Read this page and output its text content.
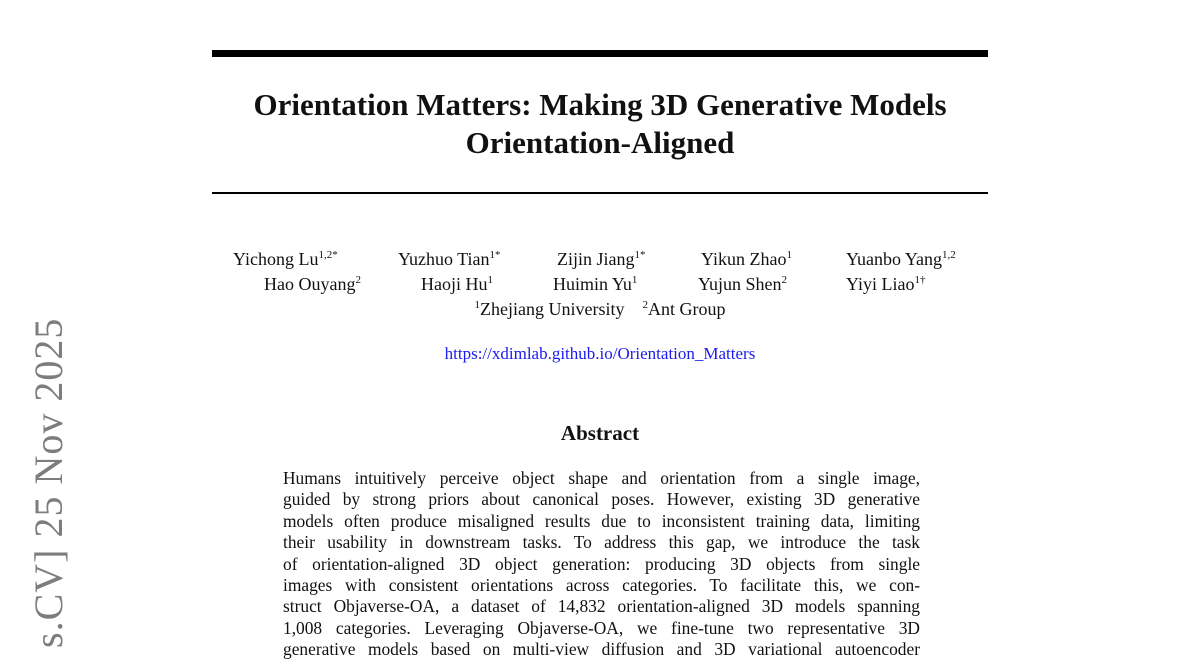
Orientation Matters: Making 3D Generative Models
Orientation-Aligned
Yichong $Lu^{1,2*}$	Yuzhuo Tian$^{1*}$	Zijin Jiang$^{1*}$	Yikun Zhao$^1$	Yuanbo Yang$^{1,2}$
Hao Ouyang$^2$	Haoji Hu$^1$	Huimin Yu$^1$	Yujun Shen$^2$	Yiyi Liao$^{1\dagger}$
$^1$Zhejiang University $^2$Ant Group
https://xdimlab.github.io/Orientation_Matters
Abstract
Humans intuitively perceive object shape and orientation from a single image,
guided by strong priors about canonical poses. However, existing 3D generative
models often produce misaligned results due to inconsistent training data, limiting
their usability in downstream tasks. To address this gap, we introduce the task
of orientation-aligned 3D object generation: producing 3D objects from single
images with consistent orientations across categories. To facilitate this, we con-
struct Objaverse-OA, a dataset of 14,832 orientation-aligned 3D models spanning
1,008 categories. Leveraging Objaverse-OA, we fine-tune two representative 3D
generative models based on multi-view diffusion and 3D variational autoencoder
s.CV] 25 Nov 2025
